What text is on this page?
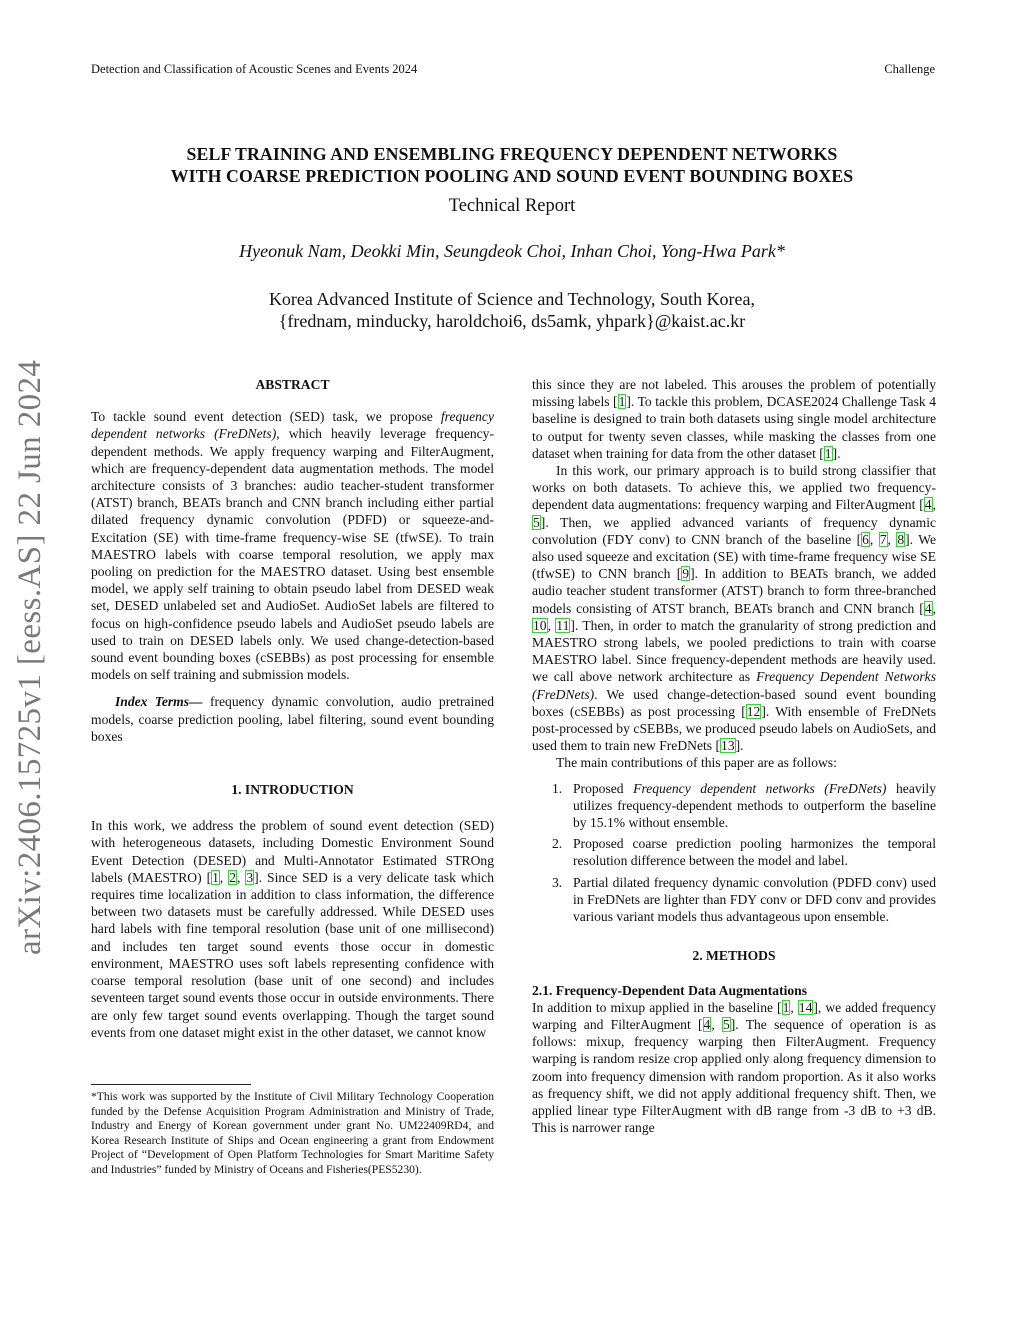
Detection and Classification of Acoustic Scenes and Events 2024	Challenge
arXiv:2406.15725v1 [eess.AS] 22 Jun 2024
SELF TRAINING AND ENSEMBLING FREQUENCY DEPENDENT NETWORKS
WITH COARSE PREDICTION POOLING AND SOUND EVENT BOUNDING BOXES
Technical Report
Hyeonuk Nam, Deokki Min, Seungdeok Choi, Inhan Choi, Yong-Hwa Park*
Korea Advanced Institute of Science and Technology, South Korea,
{frednam, minducky, haroldchoi6, ds5amk, yhpark}@kaist.ac.kr
ABSTRACT

To tackle sound event detection (SED) task, we propose frequency dependent networks (FreDNets), which heavily leverage frequency-dependent methods. We apply frequency warping and FilterAugment, which are frequency-dependent data augmentation methods. The model architecture consists of 3 branches: audio teacher-student transformer (ATST) branch, BEATs branch and CNN branch including either partial dilated frequency dynamic convolution (PDFD) or squeeze-and-Excitation (SE) with time-frame frequency-wise SE (tfwSE). To train MAESTRO labels with coarse temporal resolution, we apply max pooling on prediction for the MAESTRO dataset. Using best ensemble model, we apply self training to obtain pseudo label from DESED weak set, DESED unlabeled set and AudioSet. AudioSet labels are filtered to focus on high-confidence pseudo labels and AudioSet pseudo labels are used to train on DESED labels only. We used change-detection-based sound event bounding boxes (cSEBBs) as post processing for ensemble models on self training and submission models.

Index Terms— frequency dynamic convolution, audio pretrained models, coarse prediction pooling, label filtering, sound event bounding boxes

1. INTRODUCTION

In this work, we address the problem of sound event detection (SED) with heterogeneous datasets, including Domestic Environment Sound Event Detection (DESED) and Multi-Annotator Estimated STROng labels (MAESTRO) [1, 2, 3]. Since SED is a very delicate task which requires time localization in addition to class information, the difference between two datasets must be carefully addressed. While DESED uses hard labels with fine temporal resolution (base unit of one millisecond) and includes ten target sound events those occur in domestic environment, MAESTRO uses soft labels representing confidence with coarse temporal resolution (base unit of one second) and includes seventeen target sound events those occur in outside environments. There are only few target sound events overlapping. Though the target sound events from one dataset might exist in the other dataset, we cannot know

*This work was supported by the Institute of Civil Military Technology Cooperation funded by the Defense Acquisition Program Administration and Ministry of Trade, Industry and Energy of Korean government under grant No. UM22409RD4, and Korea Research Institute of Ships and Ocean engineering a grant from Endowment Project of “Development of Open Platform Technologies for Smart Maritime Safety and Industries” funded by Ministry of Oceans and Fisheries(PES5230).

this since they are not labeled. This arouses the problem of potentially missing labels [1]. To tackle this problem, DCASE2024 Challenge Task 4 baseline is designed to train both datasets using single model architecture to output for twenty seven classes, while masking the classes from one dataset when training for data from the other dataset [1].

In this work, our primary approach is to build strong classifier that works on both datasets. To achieve this, we applied two frequency-dependent data augmentations: frequency warping and FilterAugment [4, 5]. Then, we applied advanced variants of frequency dynamic convolution (FDY conv) to CNN branch of the baseline [6, 7, 8]. We also used squeeze and excitation (SE) with time-frame frequency wise SE (tfwSE) to CNN branch [9]. In addition to BEATs branch, we added audio teacher student transformer (ATST) branch to form three-branched models consisting of ATST branch, BEATs branch and CNN branch [4, 10, 11]. Then, in order to match the granularity of strong prediction and MAESTRO strong labels, we pooled predictions to train with coarse MAESTRO label. Since frequency-dependent methods are heavily used. we call above network architecture as Frequency Dependent Networks (FreDNets). We used change-detection-based sound event bounding boxes (cSEBBs) as post processing [12]. With ensemble of FreDNets post-processed by cSEBBs, we produced pseudo labels on AudioSets, and used them to train new FreDNets [13].

The main contributions of this paper are as follows:

1. Proposed Frequency dependent networks (FreDNets) heavily utilizes frequency-dependent methods to outperform the baseline by 15.1% without ensemble.
2. Proposed coarse prediction pooling harmonizes the temporal resolution difference between the model and label.
3. Partial dilated frequency dynamic convolution (PDFD conv) used in FreDNets are lighter than FDY conv or DFD conv and provides various variant models thus advantageous upon ensemble.
2. METHODS
2.1. Frequency-Dependent Data Augmentations

In addition to mixup applied in the baseline [1, 14], we added frequency warping and FilterAugment [4, 5]. The sequence of operation is as follows: mixup, frequency warping then FilterAugment. Frequency warping is random resize crop applied only along frequency dimension to zoom into frequency dimension with random proportion. As it also works as frequency shift, we did not apply additional frequency shift. Then, we applied linear type FilterAugment with dB range from -3 dB to +3 dB. This is narrower range
